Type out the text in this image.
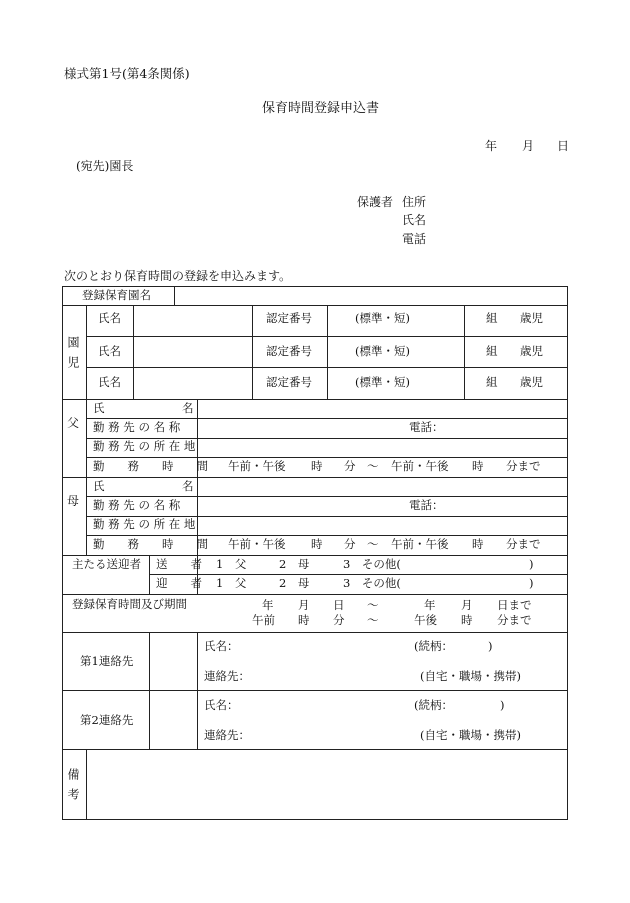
様式第1号(第4条関係)
保育時間登録申込書
年 月 日
(宛先)園長
保護者 住所
氏名
電話
次のとおり保育時間の登録を申込みます。
登録保育園名
園児
氏名	認定番号	(標準・短)	組 歳児
氏名	認定番号	(標準・短)	組 歳児
氏名	認定番号	(標準・短)	組 歳児
父
氏	名
勤 務 先 の 名 称	電話：
勤 務 先 の 所 在 地
勤　　務　　時　　間 午前・午後 時 分 ～ 午前・午後 時 分まで
母
氏	名
勤 務 先 の 名 称	電話：
勤 務 先 の 所 在 地
勤　　務　　時　　間 午前・午後 時 分 ～ 午前・午後 時 分まで
主たる送迎者 送　　者 1　父	2　母	3　その他(	)
迎　　者 1　父	2　母	3　その他(	)
登録保育時間及び期間	年 月 日 ～	年 月 日まで
午前 時 分 ～	午後 時 分まで
第1連絡先
氏名：	(続柄：	)
連絡先：	(自宅・職場・携帯)
第2連絡先
氏名：	(続柄：	)
連絡先：	(自宅・職場・携帯)
備考
